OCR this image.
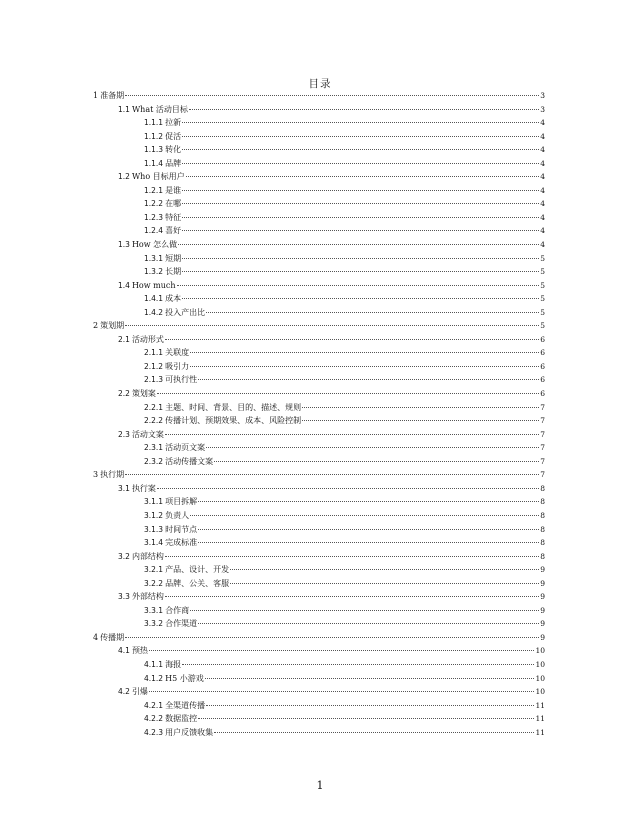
目录
1 准备期	3
1.1 What 活动目标	3
1.1.1 拉新	4
1.1.2 促活	4
1.1.3 转化	4
1.1.4 品牌	4
1.2 Who 目标用户	4
1.2.1 是谁	4
1.2.2 在哪	4
1.2.3 特征	4
1.2.4 喜好	4
1.3 How 怎么做	4
1.3.1 短期	5
1.3.2 长期	5
1.4 How much	5
1.4.1 成本	5
1.4.2 投入产出比	5
2 策划期	5
2.1 活动形式	6
2.1.1 关联度	6
2.1.2 吸引力	6
2.1.3 可执行性	6
2.2 策划案	6
2.2.1 主题、时间、背景、目的、描述、规则	7
2.2.2 传播计划、预期效果、成本、风险控制	7
2.3 活动文案	7
2.3.1 活动页文案	7
2.3.2 活动传播文案	7
3 执行期	7
3.1 执行案	8
3.1.1 项目拆解	8
3.1.2 负责人	8
3.1.3 时间节点	8
3.1.4 完成标准	8
3.2 内部结构	8
3.2.1 产品、设计、开发	9
3.2.2 品牌、公关、客服	9
3.3 外部结构	9
3.3.1 合作商	9
3.3.2 合作渠道	9
4 传播期	9
4.1 预热	10
4.1.1 海报	10
4.1.2 H5 小游戏	10
4.2 引爆	10
4.2.1 全渠道传播	11
4.2.2 数据监控	11
4.2.3 用户反馈收集	11
1
